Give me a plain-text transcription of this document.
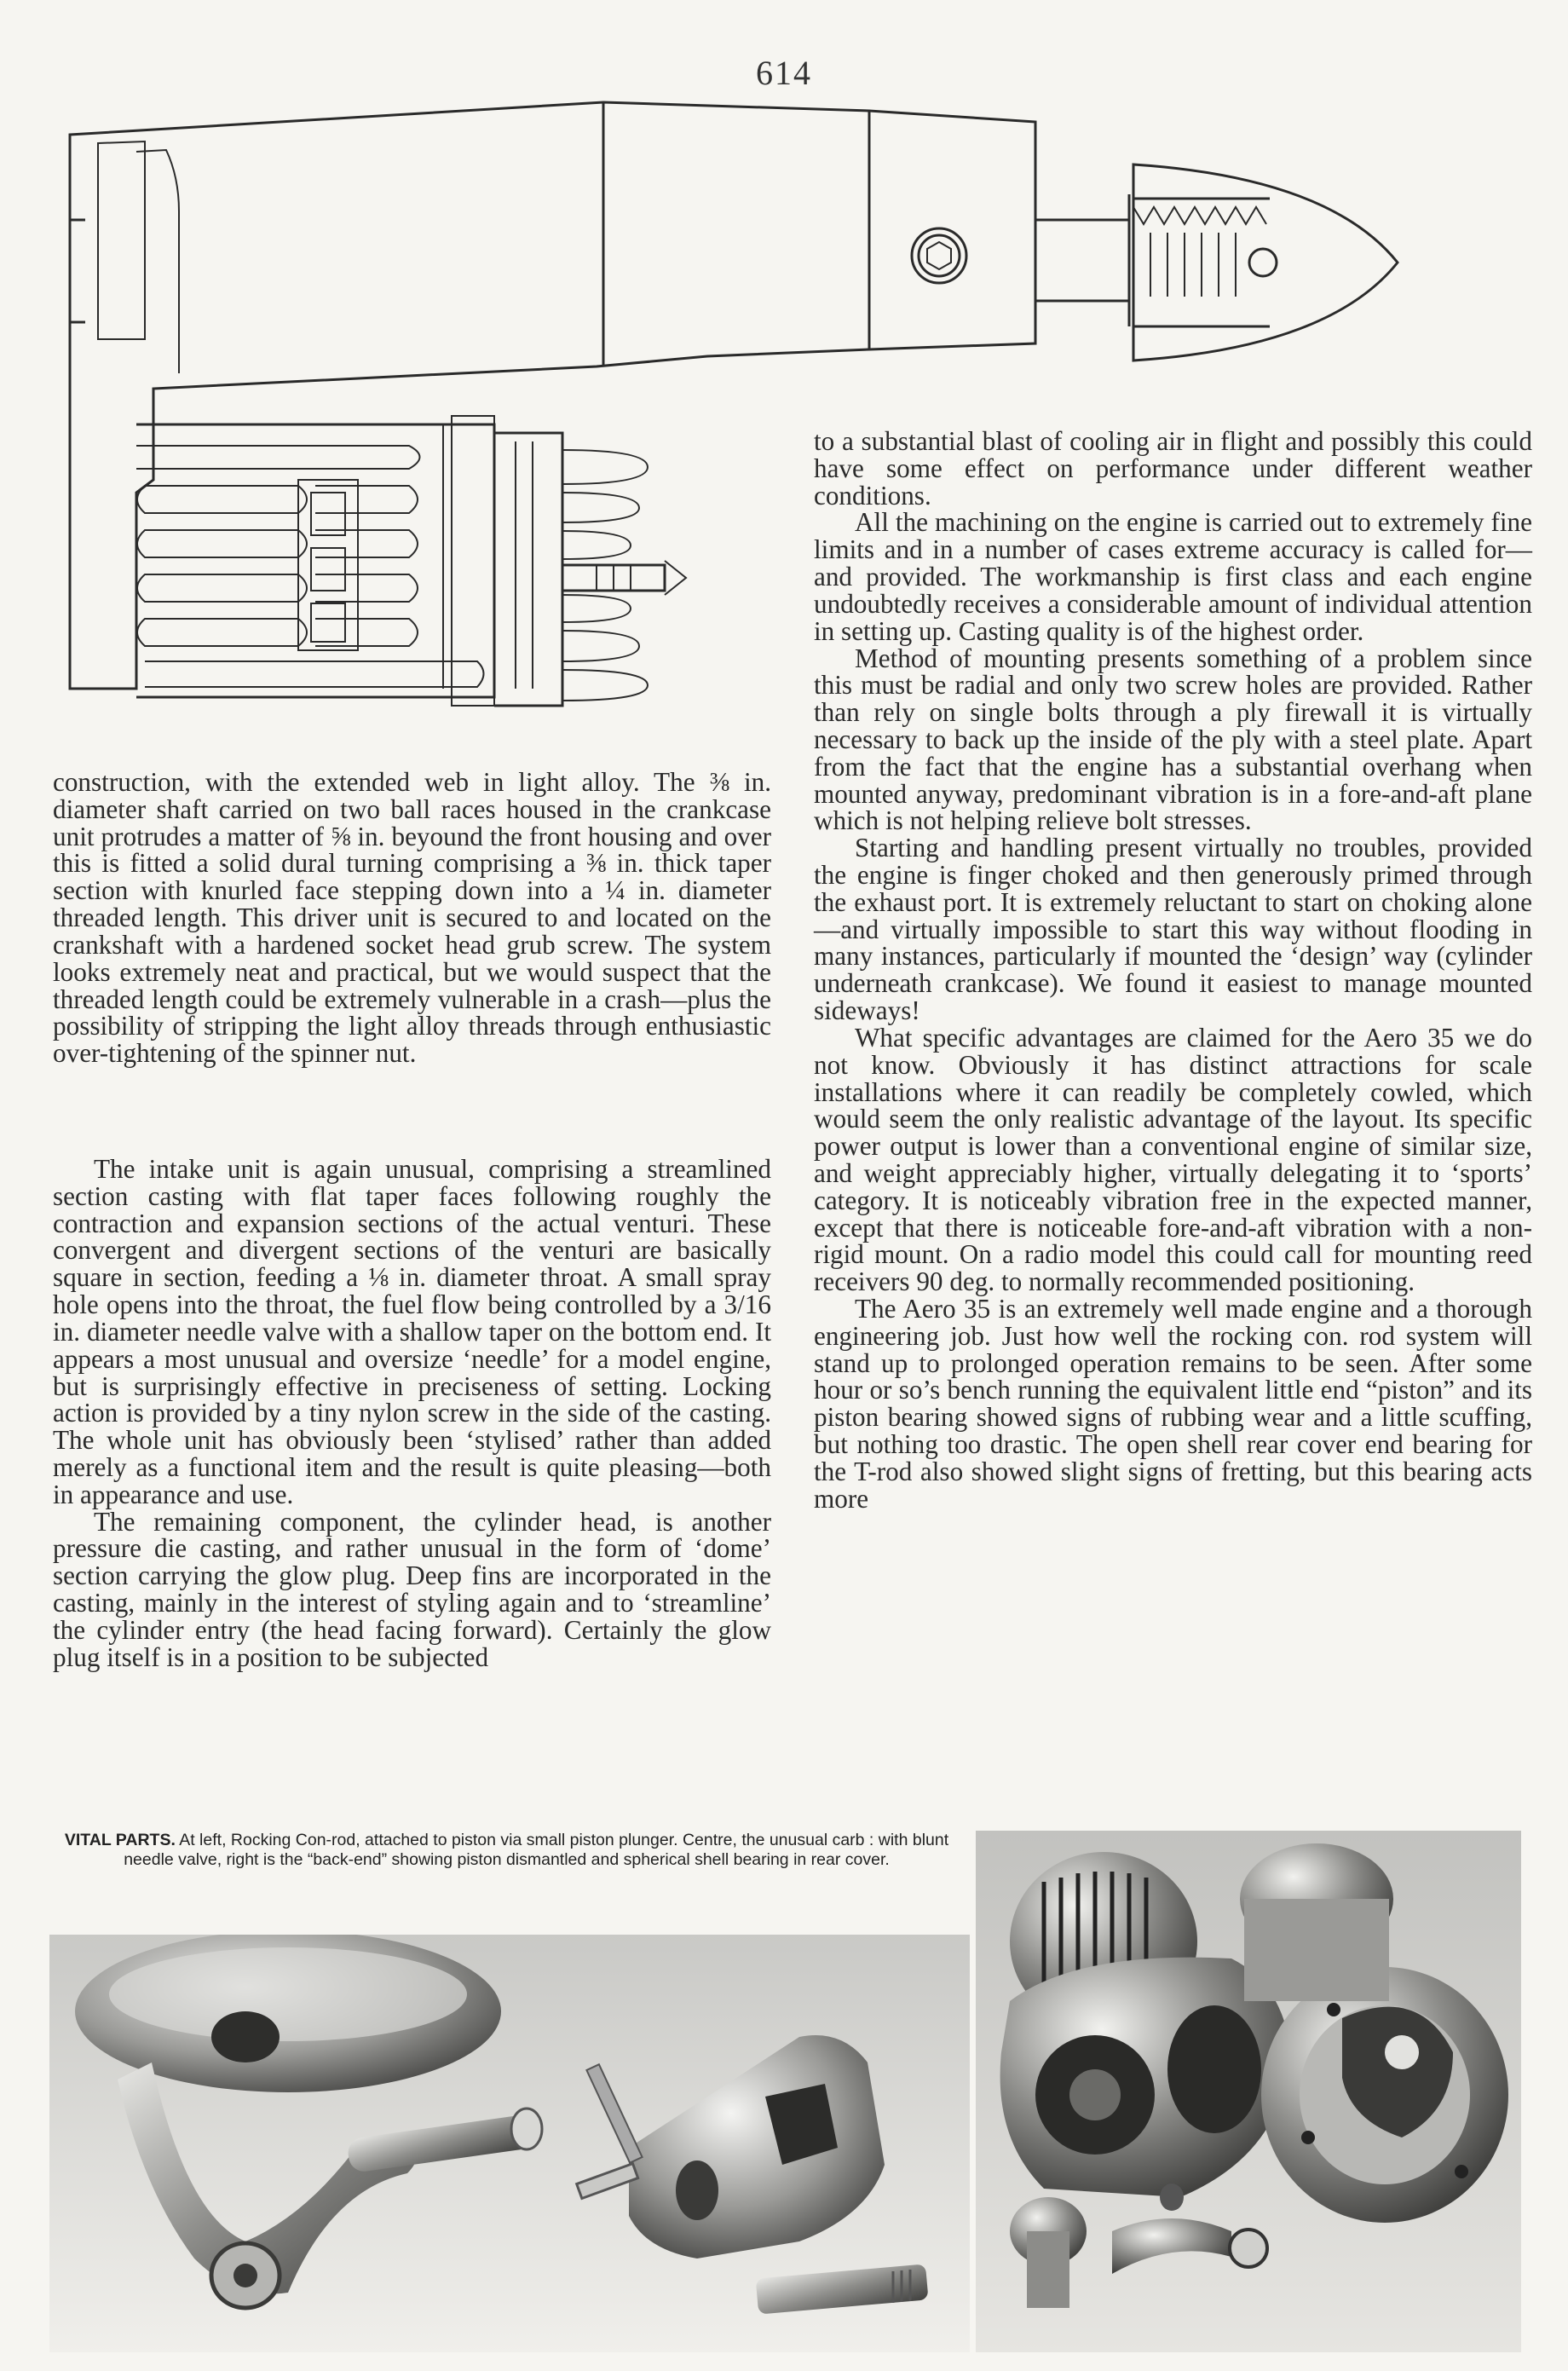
614

construction, with the extended web in light alloy. The ⅜ in. diameter shaft carried on two ball races housed in the crankcase unit protrudes a matter of ⅝ in. beyound the front housing and over this is fitted a solid dural turning comprising a ⅜ in. thick taper section with knurled face stepping down into a ¼ in. diameter threaded length. This driver unit is secured to and located on the crankshaft with a hardened socket head grub screw. The system looks extremely neat and practical, but we would suspect that the threaded length could be extremely vulnerable in a crash—plus the possibility of stripping the light alloy threads through enthusiastic over-tightening of the spinner nut.

The intake unit is again unusual, comprising a streamlined section casting with flat taper faces following roughly the contraction and expansion sections of the actual venturi. These convergent and divergent sections of the venturi are basically square in section, feeding a ⅛ in. diameter throat. A small spray hole opens into the throat, the fuel flow being controlled by a 3/16 in. diameter needle valve with a shallow taper on the bottom end. It appears a most unusual and oversize ‘needle’ for a model engine, but is surprisingly effective in preciseness of setting. Locking action is provided by a tiny nylon screw in the side of the casting. The whole unit has obviously been ‘stylised’ rather than added merely as a functional item and the result is quite pleasing—both in appearance and use.

The remaining component, the cylinder head, is another pressure die casting, and rather unusual in the form of ‘dome’ section carrying the glow plug. Deep fins are incorporated in the casting, mainly in the interest of styling again and to ‘streamline’ the cylinder entry (the head facing forward). Certainly the glow plug itself is in a position to be subjected

to a substantial blast of cooling air in flight and possibly this could have some effect on performance under different weather conditions.

All the machining on the engine is carried out to extremely fine limits and in a number of cases extreme accuracy is called for—and provided. The workmanship is first class and each engine undoubtedly receives a considerable amount of individual attention in setting up. Casting quality is of the highest order.

Method of mounting presents something of a problem since this must be radial and only two screw holes are provided. Rather than rely on single bolts through a ply firewall it is virtually necessary to back up the inside of the ply with a steel plate. Apart from the fact that the engine has a substantial overhang when mounted anyway, predominant vibration is in a fore-and-aft plane which is not helping relieve bolt stresses.

Starting and handling present virtually no troubles, provided the engine is finger choked and then generously primed through the exhaust port. It is extremely reluctant to start on choking alone—and virtually impossible to start this way without flooding in many instances, particularly if mounted the ‘design’ way (cylinder underneath crankcase). We found it easiest to manage mounted sideways!

What specific advantages are claimed for the Aero 35 we do not know. Obviously it has distinct attractions for scale installations where it can readily be completely cowled, which would seem the only realistic advantage of the layout. Its specific power output is lower than a conventional engine of similar size, and weight appreciably higher, virtually delegating it to ‘sports’ category. It is noticeably vibration free in the expected manner, except that there is noticeable fore-and-aft vibration with a non-rigid mount. On a radio model this could call for mounting reed receivers 90 deg. to normally recommended positioning.

The Aero 35 is an extremely well made engine and a thorough engineering job. Just how well the rocking con. rod system will stand up to prolonged operation remains to be seen. After some hour or so’s bench running the equivalent little end “piston” and its piston bearing showed signs of rubbing wear and a little scuffing, but nothing too drastic. The open shell rear cover end bearing for the T-rod also showed slight signs of fretting, but this bearing acts more

VITAL PARTS. At left, Rocking Con-rod, attached to piston via small piston plunger. Centre, the unusual carb : with blunt needle valve, right is the “back-end” showing piston dismantled and spherical shell bearing in rear cover.
